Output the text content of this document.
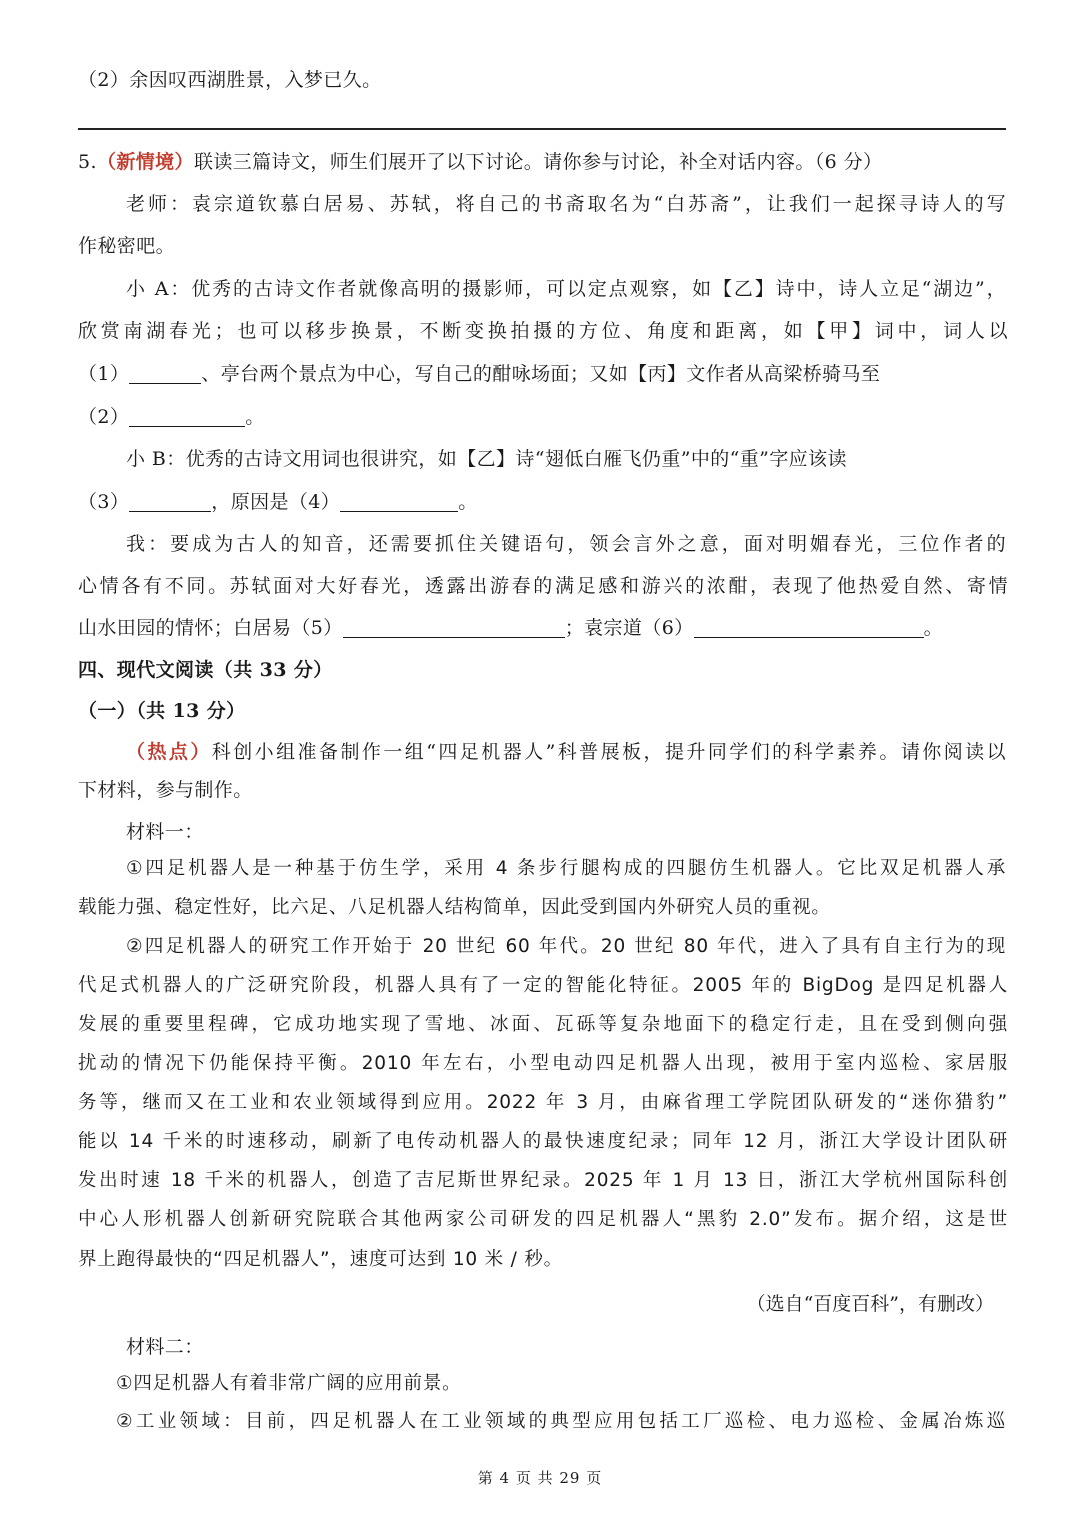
（2）余因叹西湖胜景，入梦已久。
5.（新情境）联读三篇诗文，师生们展开了以下讨论。请你参与讨论，补全对话内容。（6 分）
老师：袁宗道钦慕白居易、苏轼，将自己的书斋取名为“白苏斋”，让我们一起探寻诗人的写
作秘密吧。
小 A：优秀的古诗文作者就像高明的摄影师，可以定点观察，如【乙】诗中，诗人立足“湖边”，
欣赏南湖春光；也可以移步换景，不断变换拍摄的方位、角度和距离，如【甲】词中，词人以
（1）	、亭台两个景点为中心，写自己的酣咏场面；又如【丙】文作者从高梁桥骑马至
（2）	。
小 B：优秀的古诗文用词也很讲究，如【乙】诗“翅低白雁飞仍重”中的“重”字应该读
（3）	，原因是（4）	。
我：要成为古人的知音，还需要抓住关键语句，领会言外之意，面对明媚春光，三位作者的
心情各有不同。苏轼面对大好春光，透露出游春的满足感和游兴的浓酣，表现了他热爱自然、寄情
山水田园的情怀；白居易（5）	；袁宗道（6）	。
四、现代文阅读（共 33 分）
（一）（共 13 分）
（热点）科创小组准备制作一组“四足机器人”科普展板，提升同学们的科学素养。请你阅读以
下材料，参与制作。
材料一：
①四足机器人是一种基于仿生学，采用 4 条步行腿构成的四腿仿生机器人。它比双足机器人承
载能力强、稳定性好，比六足、八足机器人结构简单，因此受到国内外研究人员的重视。
②四足机器人的研究工作开始于 20 世纪 60 年代。20 世纪 80 年代，进入了具有自主行为的现
代足式机器人的广泛研究阶段，机器人具有了一定的智能化特征。2005 年的 BigDog 是四足机器人
发展的重要里程碑，它成功地实现了雪地、冰面、瓦砾等复杂地面下的稳定行走，且在受到侧向强
扰动的情况下仍能保持平衡。2010 年左右，小型电动四足机器人出现，被用于室内巡检、家居服
务等，继而又在工业和农业领域得到应用。2022 年 3 月，由麻省理工学院团队研发的“迷你猎豹”
能以 14 千米的时速移动，刷新了电传动机器人的最快速度纪录；同年 12 月，浙江大学设计团队研
发出时速 18 千米的机器人，创造了吉尼斯世界纪录。2025 年 1 月 13 日，浙江大学杭州国际科创
中心人形机器人创新研究院联合其他两家公司研发的四足机器人“黑豹 2.0”发布。据介绍，这是世
界上跑得最快的“四足机器人”，速度可达到 10 米 / 秒。
（选自“百度百科”，有删改）
材料二：
①四足机器人有着非常广阔的应用前景。
②工业领域：目前，四足机器人在工业领域的典型应用包括工厂巡检、电力巡检、金属冶炼巡
第 4 页 共 29 页
